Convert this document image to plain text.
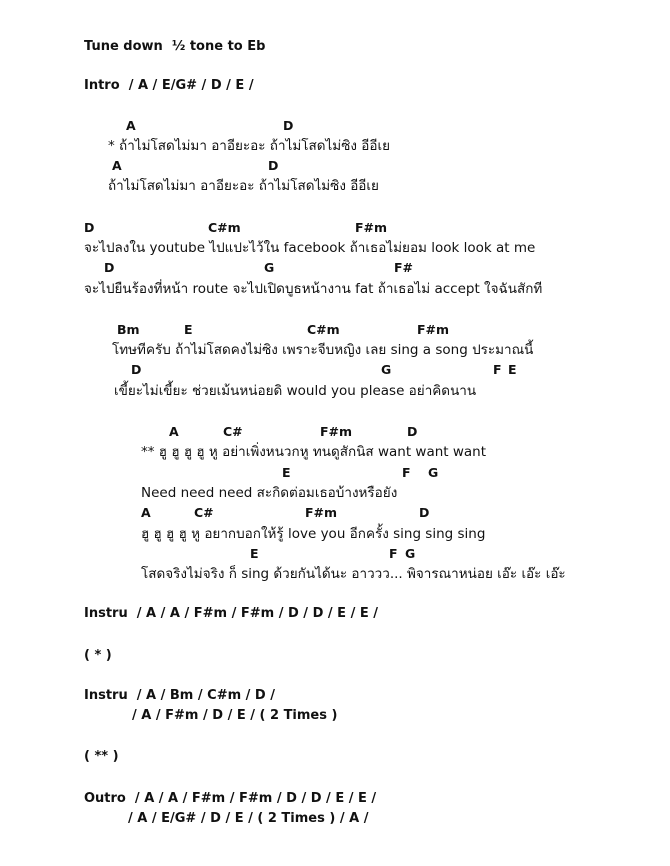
Tune down  ½ tone to Eb
Intro  / A / E/G# / D / E /
A	D
* ถ้าไม่โสดไม่มา อาอียะอะ ถ้าไม่โสดไม่ซิง อีอีเย
A	D
ถ้าไม่โสดไม่มา อาอียะอะ ถ้าไม่โสดไม่ซิง อีอีเย
D	C#m	F#m
จะไปลงใน youtube ไปแปะไว้ใน facebook ถ้าเธอไม่ยอม look look at me
D	G	F#
จะไปยืนร้องที่หน้า route จะไปเปิดบูธหน้างาน fat ถ้าเธอไม่ accept ใจฉันสักที
Bm	E	C#m	F#m
โทษทีครับ ถ้าไม่โสดคงไม่ซิง เพราะจีบหญิง เลย sing a song ประมาณนี้
D	G	F E
เขี้ยะไม่เขี้ยะ ช่วยเม้นหน่อยดิ would you please อย่าคิดนาน
A	C#	F#m	D
** ฮู ฮู ฮู ฮู หู อย่าเพิ่งหนวกหู ทนดูสักนิส want want want
E	F G
Need need need สะกิดต่อมเธอบ้างหรือยัง
A	C#	F#m	D
ฮู ฮู ฮู ฮู หู อยากบอกให้รู้ love you อีกครั้ง sing sing sing
E	F G
โสดจริงไม่จริง ก็ sing ด้วยกันได้นะ อาววว... พิจารณาหน่อย เอ๊ะ เอ๊ะ เอ๊ะ
Instru  / A / A / F#m / F#m / D / D / E / E /
( * )
Instru  / A / Bm / C#m / D /
/ A / F#m / D / E / ( 2 Times )
( ** )
Outro  / A / A / F#m / F#m / D / D / E / E /
/ A / E/G# / D / E / ( 2 Times ) / A /
